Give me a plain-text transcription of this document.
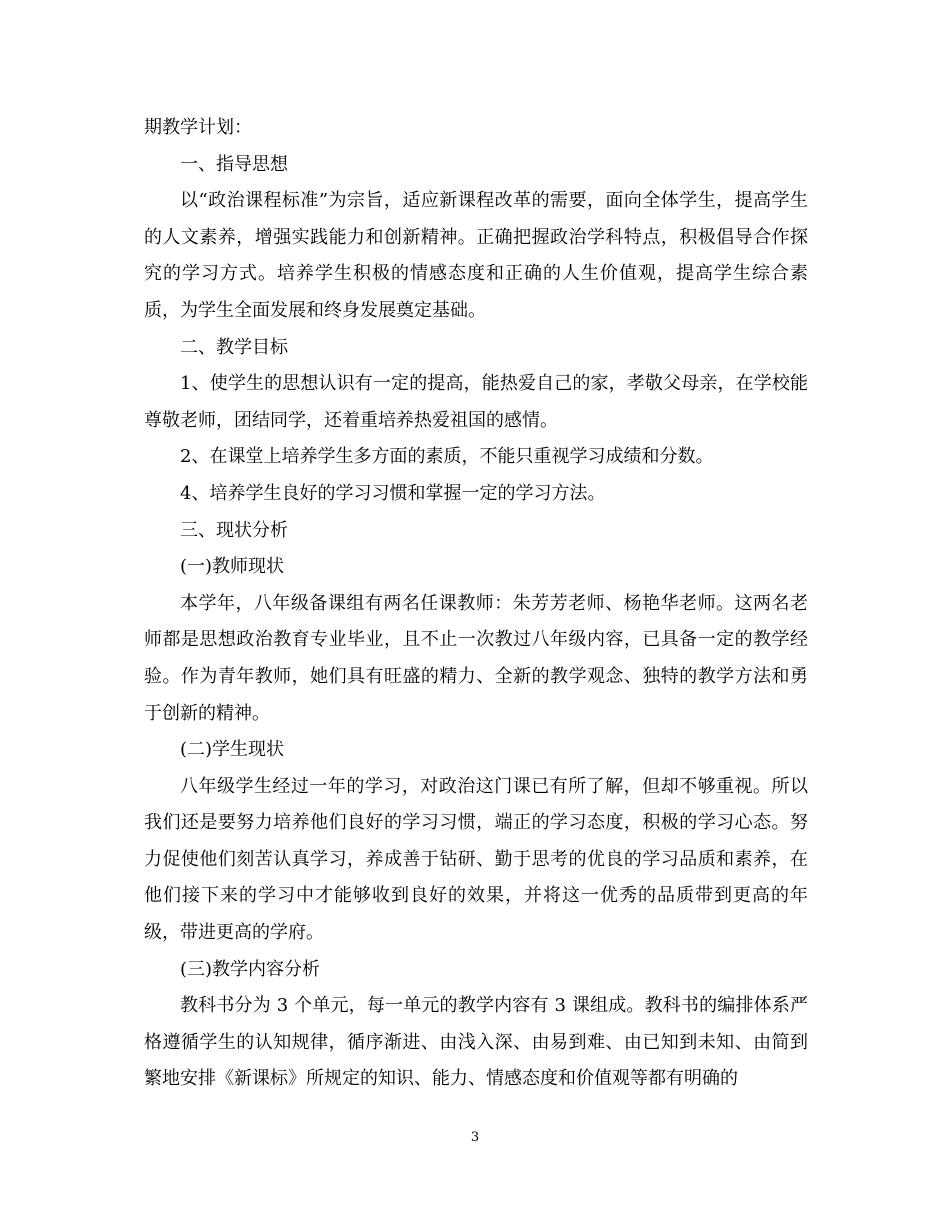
期教学计划：

一、指导思想

以“政治课程标准”为宗旨，适应新课程改革的需要，面向全体学生，提高学生的人文素养，增强实践能力和创新精神。正确把握政治学科特点，积极倡导合作探究的学习方式。培养学生积极的情感态度和正确的人生价值观，提高学生综合素质，为学生全面发展和终身发展奠定基础。

二、教学目标

1、使学生的思想认识有一定的提高，能热爱自己的家，孝敬父母亲，在学校能尊敬老师，团结同学，还着重培养热爱祖国的感情。

2、在课堂上培养学生多方面的素质，不能只重视学习成绩和分数。

4、培养学生良好的学习习惯和掌握一定的学习方法。

三、现状分析

(一)教师现状

本学年，八年级备课组有两名任课教师：朱芳芳老师、杨艳华老师。这两名老师都是思想政治教育专业毕业，且不止一次教过八年级内容，已具备一定的教学经验。作为青年教师，她们具有旺盛的精力、全新的教学观念、独特的教学方法和勇于创新的精神。

(二)学生现状

八年级学生经过一年的学习，对政治这门课已有所了解，但却不够重视。所以我们还是要努力培养他们良好的学习习惯，端正的学习态度，积极的学习心态。努力促使他们刻苦认真学习，养成善于钻研、勤于思考的优良的学习品质和素养，在他们接下来的学习中才能够收到良好的效果，并将这一优秀的品质带到更高的年级，带进更高的学府。

(三)教学内容分析

教科书分为 3 个单元，每一单元的教学内容有 3 课组成。教科书的编排体系严格遵循学生的认知规律，循序渐进、由浅入深、由易到难、由已知到未知、由简到繁地安排《新课标》所规定的知识、能力、情感态度和价值观等都有明确的

3
